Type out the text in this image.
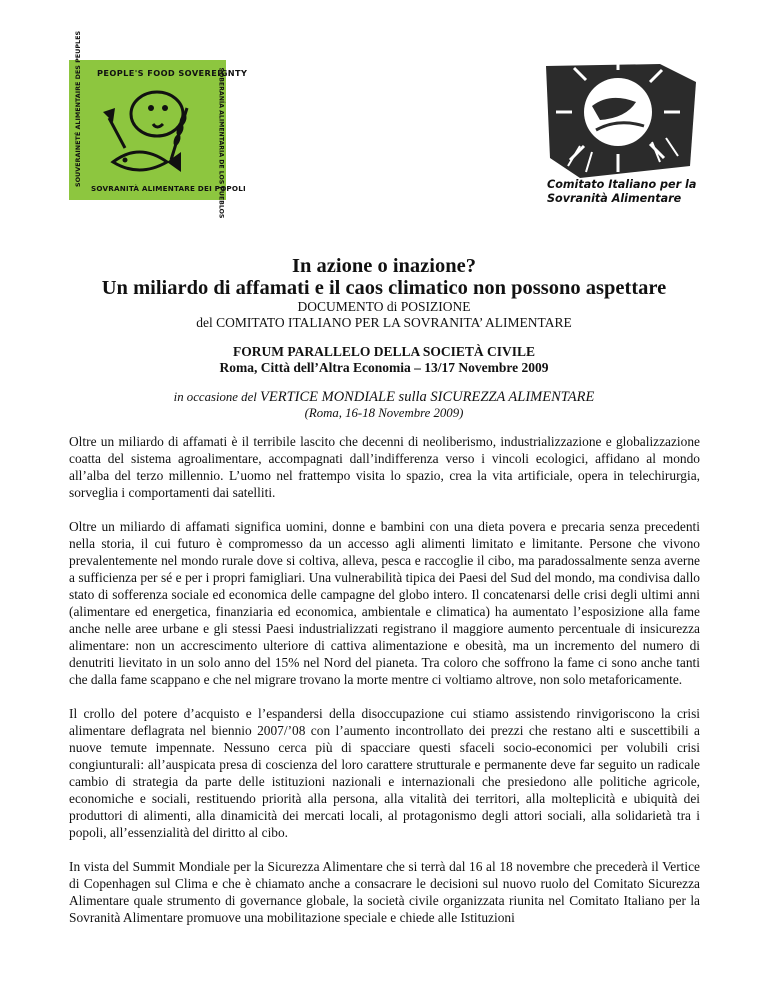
PEOPLE'S FOOD SOVEREIGNTY
SOUVERAINETÉ ALIMENTAIRE DES PEUPLES	SOBERANÍA ALIMENTARIA DE LOS PUEBLOS
SOVRANITÀ ALIMENTARE DEI POPOLI	Comitato Italiano per la
Sovranità Alimentare
In azione o inazione?
Un miliardo di affamati e il caos climatico non possono aspettare
DOCUMENTO di POSIZIONE
del COMITATO ITALIANO PER LA SOVRANITA’ ALIMENTARE
FORUM PARALLELO DELLA SOCIETÀ CIVILE
Roma, Città dell’Altra Economia – 13/17 Novembre 2009
in occasione del VERTICE MONDIALE sulla SICUREZZA ALIMENTARE
(Roma, 16-18 Novembre 2009)

Oltre un miliardo di affamati è il terribile lascito che decenni di neoliberismo, industrializzazione e globalizzazione coatta del sistema agroalimentare, accompagnati dall’indifferenza verso i vincoli ecologici, affidano al mondo all’alba del terzo millennio. L’uomo nel frattempo visita lo spazio, crea la vita artificiale, opera in telechirurgia, sorveglia i comportamenti dai satelliti.

Oltre un miliardo di affamati significa uomini, donne e bambini con una dieta povera e precaria senza precedenti nella storia, il cui futuro è compromesso da un accesso agli alimenti limitato e limitante. Persone che vivono prevalentemente nel mondo rurale dove si coltiva, alleva, pesca e raccoglie il cibo, ma paradossalmente senza averne a sufficienza per sé e per i propri famigliari. Una vulnerabilità tipica dei Paesi del Sud del mondo, ma condivisa dallo stato di sofferenza sociale ed economica delle campagne del globo intero. Il concatenarsi delle crisi degli ultimi anni (alimentare ed energetica, finanziaria ed economica, ambientale e climatica) ha aumentato l’esposizione alla fame anche nelle aree urbane e gli stessi Paesi industrializzati registrano il maggiore aumento percentuale di insicurezza alimentare: non un accrescimento ulteriore di cattiva alimentazione e obesità, ma un incremento del numero di denutriti lievitato in un solo anno del 15% nel Nord del pianeta. Tra coloro che soffrono la fame ci sono anche tanti che dalla fame scappano e che nel migrare trovano la morte mentre ci voltiamo altrove, non solo metaforicamente.

Il crollo del potere d’acquisto e l’espandersi della disoccupazione cui stiamo assistendo rinvigoriscono la crisi alimentare deflagrata nel biennio 2007/’08 con l’aumento incontrollato dei prezzi che restano alti e suscettibili a nuove temute impennate. Nessuno cerca più di spacciare questi sfaceli socio-economici per volubili crisi congiunturali: all’auspicata presa di coscienza del loro carattere strutturale e permanente deve far seguito un radicale cambio di strategia da parte delle istituzioni nazionali e internazionali che presiedono alle politiche agricole, economiche e sociali, restituendo priorità alla persona, alla vitalità dei territori, alla molteplicità e ubiquità dei produttori di alimenti, alla dinamicità dei mercati locali, al protagonismo degli attori sociali, alla solidarietà tra i popoli, all’essenzialità del diritto al cibo.

In vista del Summit Mondiale per la Sicurezza Alimentare che si terrà dal 16 al 18 novembre che precederà il Vertice di Copenhagen sul Clima e che è chiamato anche a consacrare le decisioni sul nuovo ruolo del Comitato Sicurezza Alimentare quale strumento di governance globale, la società civile organizzata riunita nel Comitato Italiano per la Sovranità Alimentare promuove una mobilitazione speciale e chiede alle Istituzioni
